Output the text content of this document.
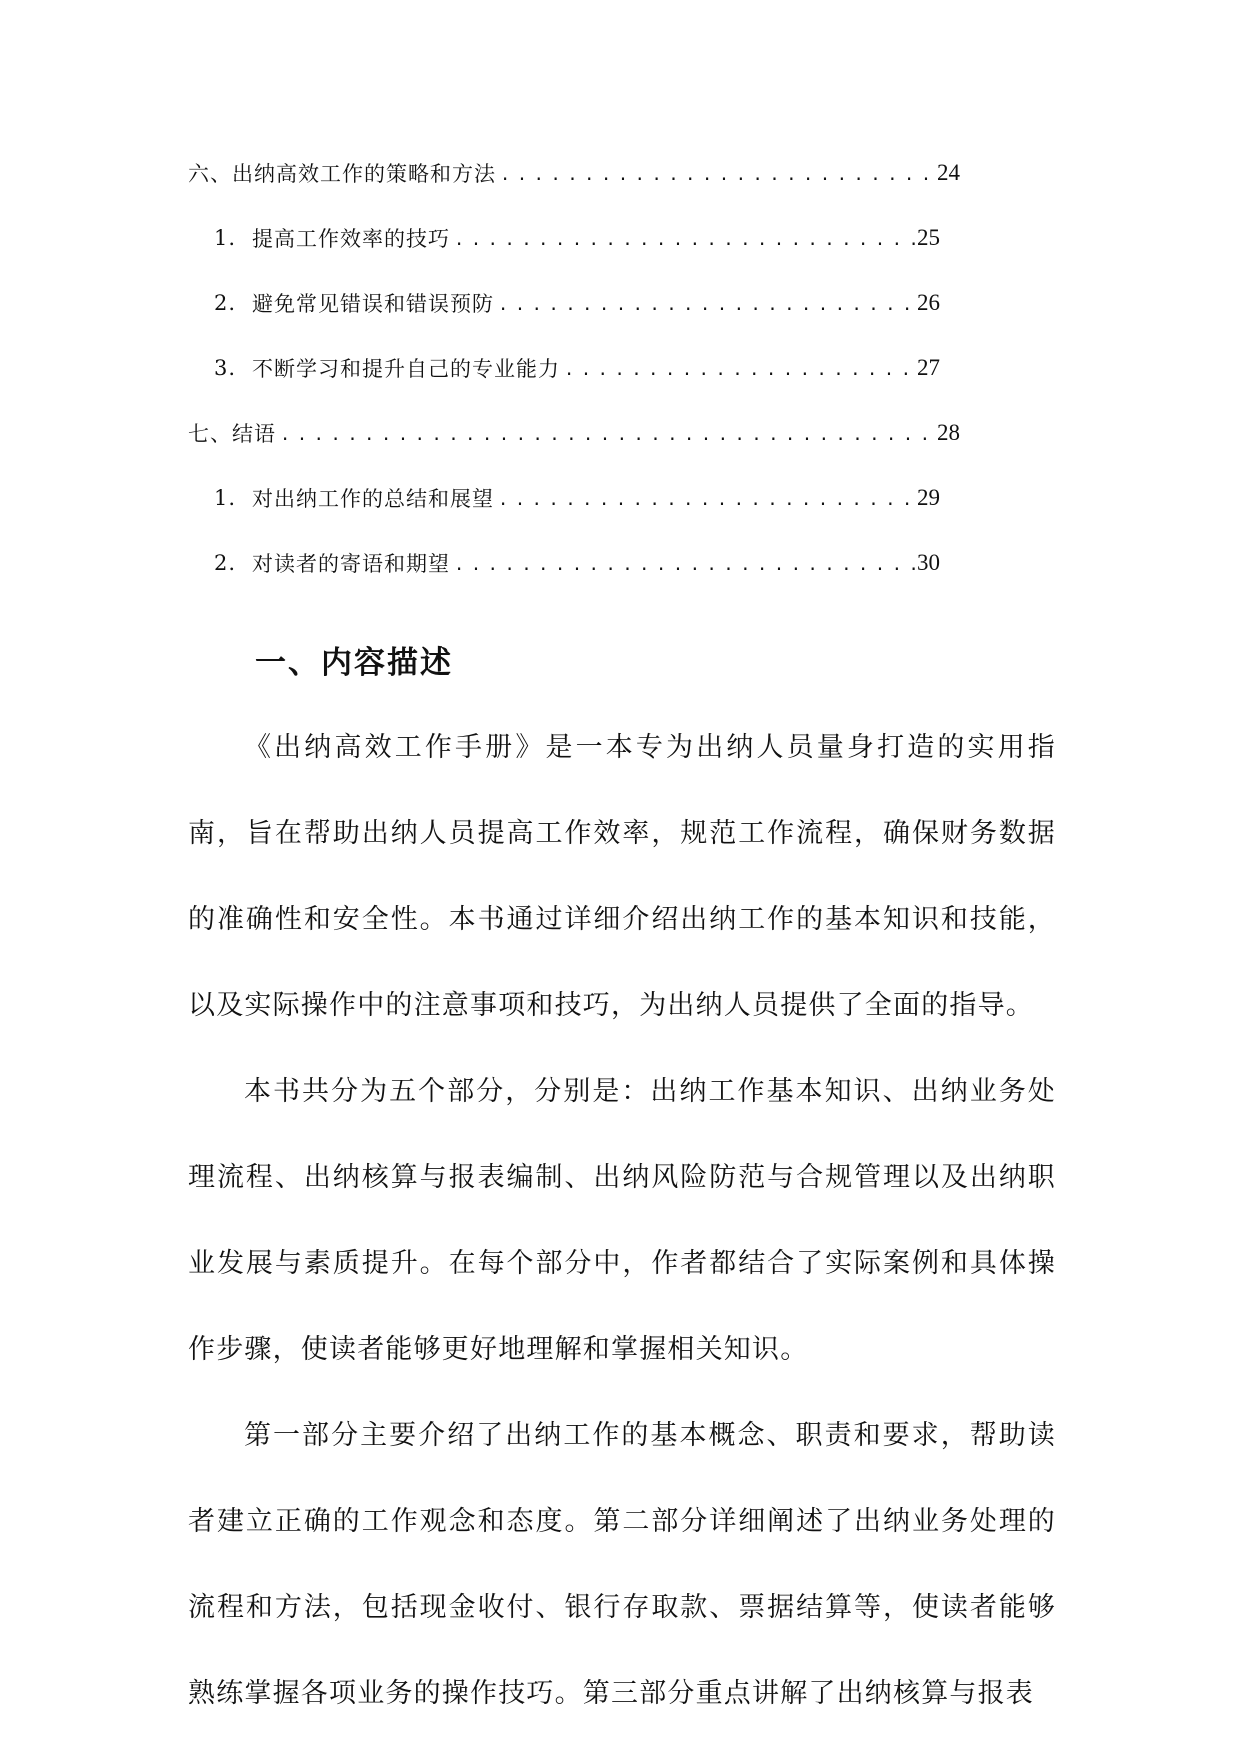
六、出纳高效工作的策略和方法 .....	24
1. 提高工作效率的技巧 .....	25
2. 避免常见错误和错误预防 .....	26
3. 不断学习和提升自己的专业能力 .....	27
七、结语 .....	28
1. 对出纳工作的总结和展望 .....	29
2. 对读者的寄语和期望 .....	30
一、内容描述

《出纳高效工作手册》是一本专为出纳人员量身打造的实用指南，旨在帮助出纳人员提高工作效率，规范工作流程，确保财务数据的准确性和安全性。本书通过详细介绍出纳工作的基本知识和技能，以及实际操作中的注意事项和技巧，为出纳人员提供了全面的指导。

本书共分为五个部分，分别是：出纳工作基本知识、出纳业务处理流程、出纳核算与报表编制、出纳风险防范与合规管理以及出纳职业发展与素质提升。在每个部分中，作者都结合了实际案例和具体操作步骤，使读者能够更好地理解和掌握相关知识。

第一部分主要介绍了出纳工作的基本概念、职责和要求，帮助读者建立正确的工作观念和态度。第二部分详细阐述了出纳业务处理的流程和方法，包括现金收付、银行存取款、票据结算等，使读者能够熟练掌握各项业务的操作技巧。第三部分重点讲解了出纳核算与报表
